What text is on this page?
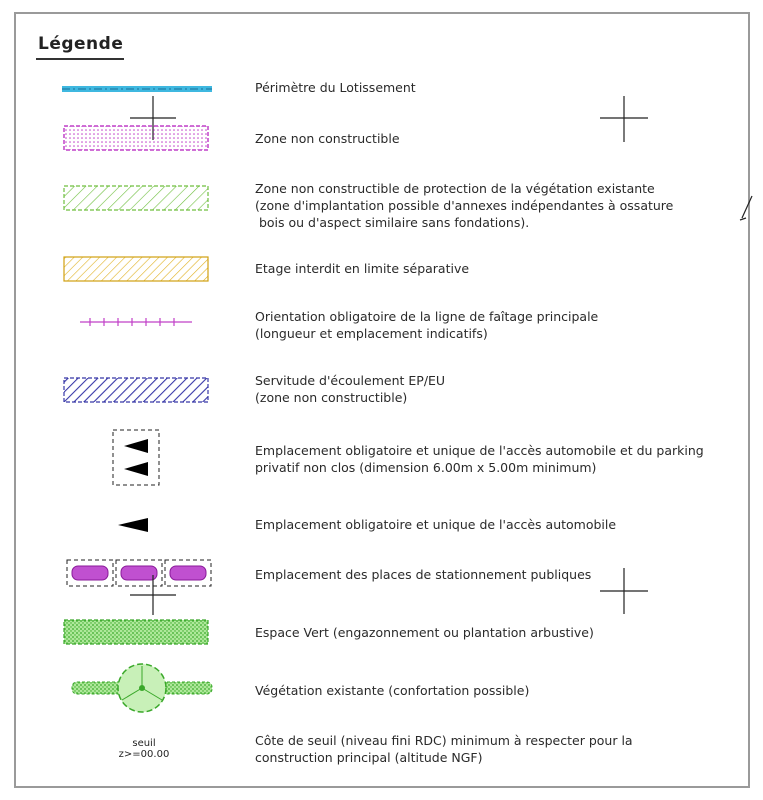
Légende
Périmètre du Lotissement
Zone non constructible
Zone non constructible de protection de la végétation existante
(zone d'implantation possible d'annexes indépendantes à ossature
bois ou d'aspect similaire sans fondations).
Etage interdit en limite séparative
Orientation obligatoire de la ligne de faîtage principale
(longueur et emplacement indicatifs)
Servitude d'écoulement EP/EU
(zone non constructible)
Emplacement obligatoire et unique de l'accès automobile et du parking
privatif non clos (dimension 6.00m x 5.00m minimum)
Emplacement obligatoire et unique de l'accès automobile
Emplacement des places de stationnement publiques
Espace Vert (engazonnement ou plantation arbustive)
Végétation existante (confortation possible)
Côte de seuil (niveau fini RDC) minimum à respecter pour la
construction principal (altitude NGF)
seuil
z>=00.00
